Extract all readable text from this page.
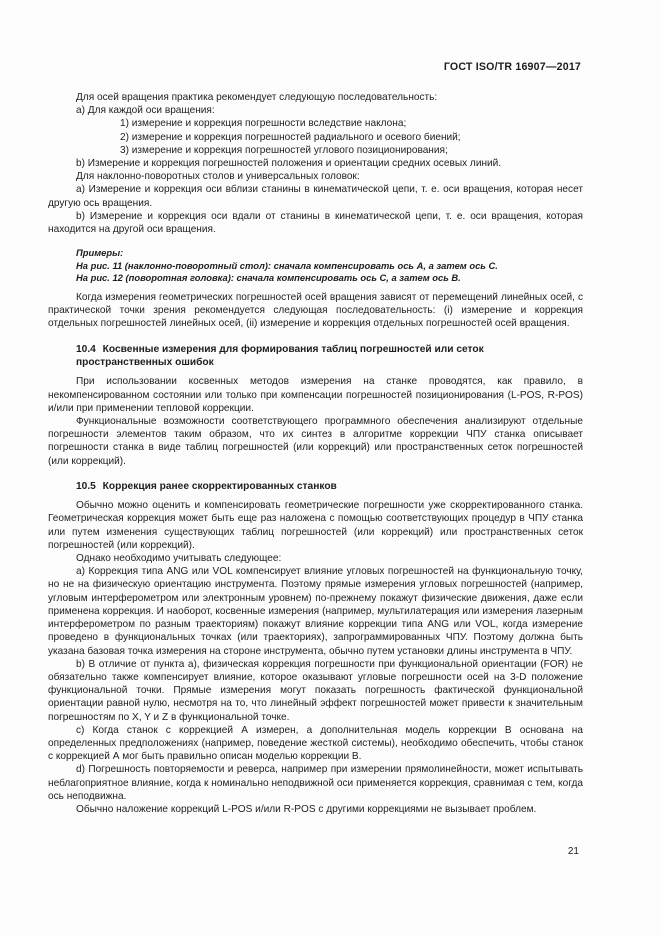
ГОСТ ISO/TR 16907—2017

Для осей вращения практика рекомендует следующую последовательность:

а) Для каждой оси вращения:

1) измерение и коррекция погрешности вследствие наклона;

2) измерение и коррекция погрешностей радиального и осевого биений;

3) измерение и коррекция погрешностей углового позиционирования;

b) Измерение и коррекция погрешностей положения и ориентации средних осевых линий.

Для наклонно-поворотных столов и универсальных головок:

а) Измерение и коррекция оси вблизи станины в кинематической цепи, т. е. оси вращения, которая несет другую ось вращения.

b) Измерение и коррекция оси вдали от станины в кинематической цепи, т. е. оси вращения, которая находится на другой оси вращения.

Примеры:
На рис. 11 (наклонно-поворотный стол): сначала компенсировать ось А, а затем ось С.
На рис. 12 (поворотная головка): сначала компенсировать ось С, а затем ось В.

Когда измерения геометрических погрешностей осей вращения зависят от перемещений линейных осей, с практической точки зрения рекомендуется следующая последовательность: (i) измерение и коррекция отдельных погрешностей линейных осей, (ii) измерение и коррекция отдельных погрешностей осей вращения.

10.4 Косвенные измерения для формирования таблиц погрешностей или сеток
пространственных ошибок

При использовании косвенных методов измерения на станке проводятся, как правило, в некомпенсированном состоянии или только при компенсации погрешностей позиционирования (L-POS, R-POS) и/или при применении тепловой коррекции.

Функциональные возможности соответствующего программного обеспечения анализируют отдельные погрешности элементов таким образом, что их синтез в алгоритме коррекции ЧПУ станка описывает погрешности станка в виде таблиц погрешностей (или коррекций) или пространственных сеток погрешностей (или коррекций).

10.5 Коррекция ранее скорректированных станков

Обычно можно оценить и компенсировать геометрические погрешности уже скорректированного станка. Геометрическая коррекция может быть еще раз наложена с помощью соответствующих процедур в ЧПУ станка или путем изменения существующих таблиц погрешностей (или коррекций) или пространственных сеток погрешностей (или коррекций).

Однако необходимо учитывать следующее:

а) Коррекция типа ANG или VOL компенсирует влияние угловых погрешностей на функциональную точку, но не на физическую ориентацию инструмента. Поэтому прямые измерения угловых погрешностей (например, угловым интерферометром или электронным уровнем) по-прежнему покажут физические движения, даже если применена коррекция. И наоборот, косвенные измерения (например, мультилатерация или измерения лазерным интерферометром по разным траекториям) покажут влияние коррекции типа ANG или VOL, когда измерение проведено в функциональных точках (или траекториях), запрограммированных ЧПУ. Поэтому должна быть указана базовая точка измерения на стороне инструмента, обычно путем установки длины инструмента в ЧПУ.

b) В отличие от пункта а), физическая коррекция погрешности при функциональной ориентации (FOR) не обязательно также компенсирует влияние, которое оказывают угловые погрешности осей на 3-D положение функциональной точки. Прямые измерения могут показать погрешность фактической функциональной ориентации равной нулю, несмотря на то, что линейный эффект погрешностей может привести к значительным погрешностям по X, Y и Z в функциональной точке.

c) Когда станок с коррекцией А измерен, а дополнительная модель коррекции В основана на определенных предположениях (например, поведение жесткой системы), необходимо обеспечить, чтобы станок с коррекцией А мог быть правильно описан моделью коррекции В.

d) Погрешность повторяемости и реверса, например при измерении прямолинейности, может испытывать неблагоприятное влияние, когда к номинально неподвижной оси применяется коррекция, сравнимая с тем, когда ось неподвижна.

Обычно наложение коррекций L-POS и/или R-POS с другими коррекциями не вызывает проблем.

21
